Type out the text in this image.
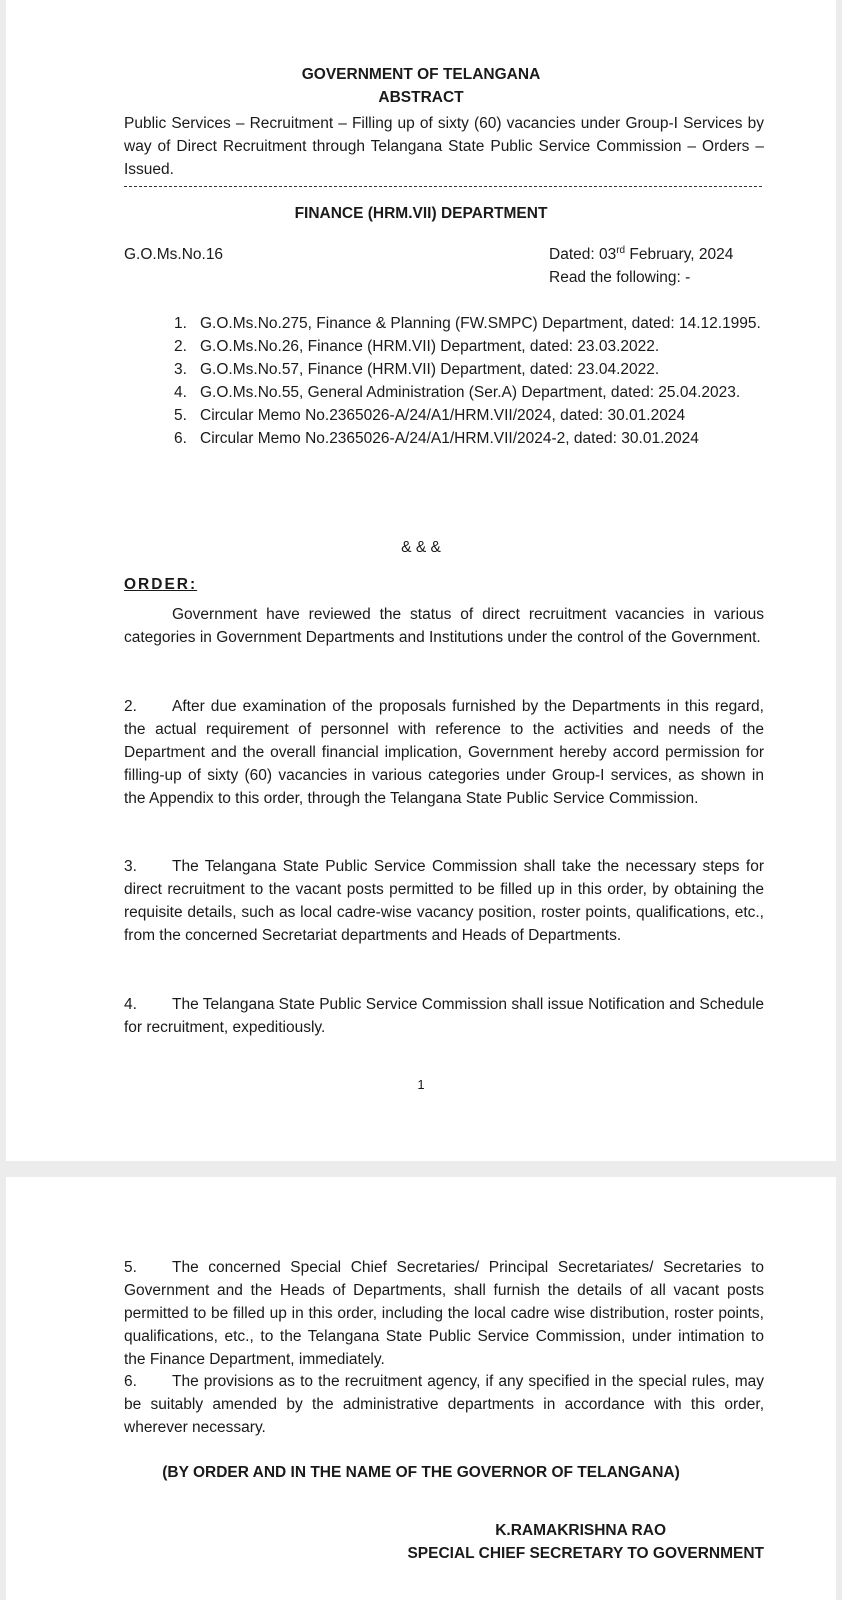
GOVERNMENT OF TELANGANA
ABSTRACT
Public Services – Recruitment – Filling up of sixty (60) vacancies under Group-I Services by way of Direct Recruitment through Telangana State Public Service Commission – Orders – Issued.
FINANCE (HRM.VII) DEPARTMENT
G.O.Ms.No.16	Dated: 03rd February, 2024
Read the following: -
1. G.O.Ms.No.275, Finance & Planning (FW.SMPC) Department, dated: 14.12.1995.
2. G.O.Ms.No.26, Finance (HRM.VII) Department, dated: 23.03.2022.
3. G.O.Ms.No.57, Finance (HRM.VII) Department, dated: 23.04.2022.
4. G.O.Ms.No.55, General Administration (Ser.A) Department, dated: 25.04.2023.
5. Circular Memo No.2365026-A/24/A1/HRM.VII/2024, dated: 30.01.2024
6. Circular Memo No.2365026-A/24/A1/HRM.VII/2024-2, dated: 30.01.2024
& & &
ORDER:
Government have reviewed the status of direct recruitment vacancies in various categories in Government Departments and Institutions under the control of the Government.
2. After due examination of the proposals furnished by the Departments in this regard, the actual requirement of personnel with reference to the activities and needs of the Department and the overall financial implication, Government hereby accord permission for filling-up of sixty (60) vacancies in various categories under Group-I services, as shown in the Appendix to this order, through the Telangana State Public Service Commission.
3. The Telangana State Public Service Commission shall take the necessary steps for direct recruitment to the vacant posts permitted to be filled up in this order, by obtaining the requisite details, such as local cadre-wise vacancy position, roster points, qualifications, etc., from the concerned Secretariat departments and Heads of Departments.
4. The Telangana State Public Service Commission shall issue Notification and Schedule for recruitment, expeditiously.
1
5. The concerned Special Chief Secretaries/ Principal Secretariates/ Secretaries to Government and the Heads of Departments, shall furnish the details of all vacant posts permitted to be filled up in this order, including the local cadre wise distribution, roster points, qualifications, etc., to the Telangana State Public Service Commission, under intimation to the Finance Department, immediately.
6. The provisions as to the recruitment agency, if any specified in the special rules, may be suitably amended by the administrative departments in accordance with this order, wherever necessary.
(BY ORDER AND IN THE NAME OF THE GOVERNOR OF TELANGANA)
K.RAMAKRISHNA RAO
SPECIAL CHIEF SECRETARY TO GOVERNMENT
